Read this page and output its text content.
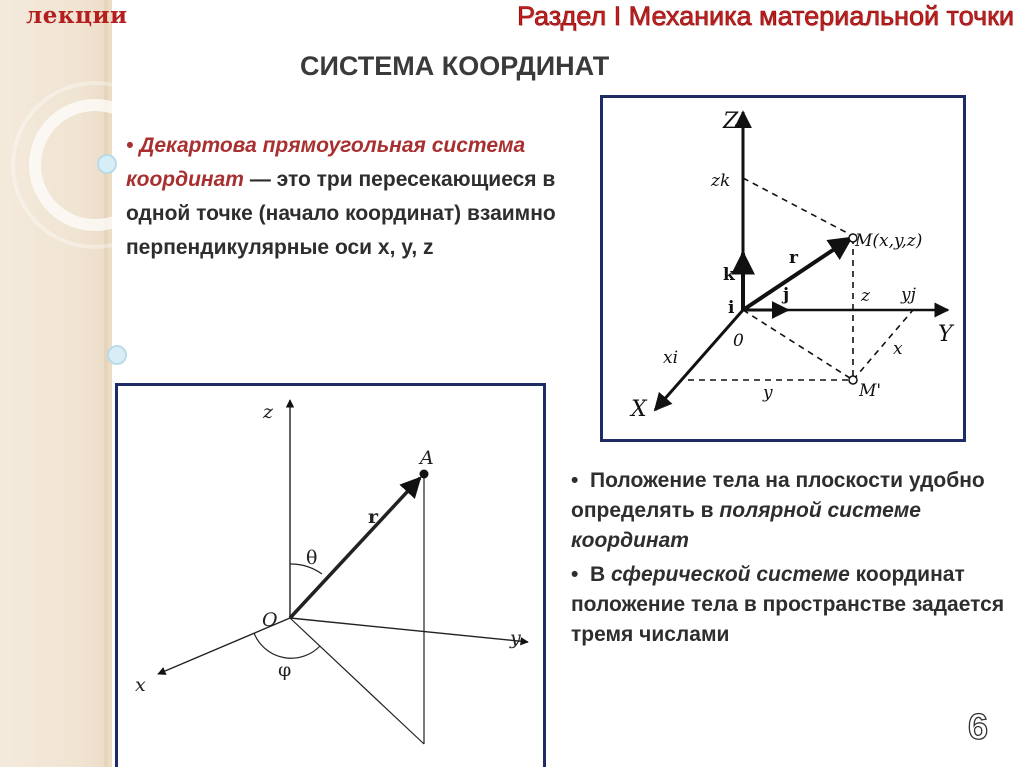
лекции	Раздел I Механика материальной точки
СИСТЕМА КООРДИНАТ
• Декартова прямоугольная система координат — это три пересекающиеся в одной точке (начало координат) взаимно перпендикулярные оси x, y, z
Z
Y
X
zk
k
i
j
r
0
M(x,y,z)
z yj
xi	x
y	M'
z
y
x
O
A
r
θ
φ

•  Положение тела на плоскости удобно определять в полярной системе координат

•  В сферической системе координат положение тела в пространстве задается тремя числами

6
